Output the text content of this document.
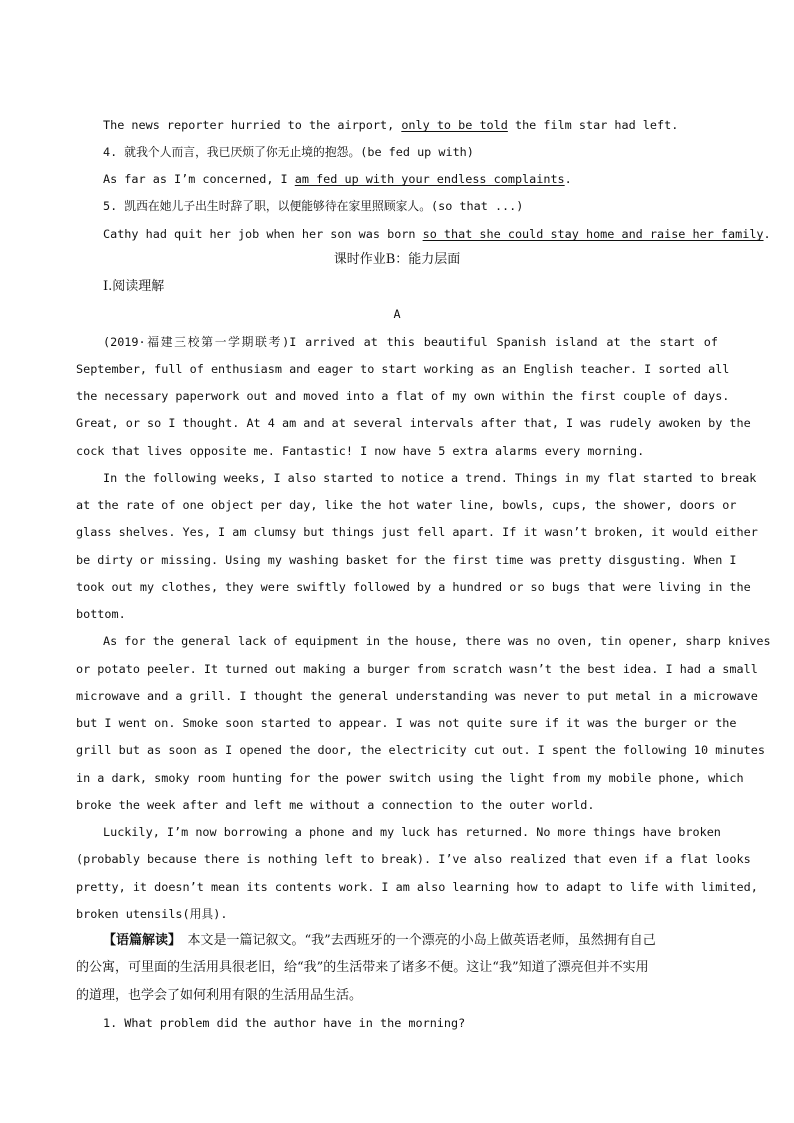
The news reporter hurried to the airport, only to be told the film star had left.
4. 就我个人而言，我已厌烦了你无止境的抱怨。(be fed up with)
As far as I’m concerned, I am fed up with your endless complaints.
5. 凯西在她儿子出生时辞了职，以便能够待在家里照顾家人。(so that ...)
Cathy had quit her job when her son was born so that she could stay home and raise her family.
课时作业B：能力层面
Ⅰ.阅读理解
A
(2019·福建三校第一学期联考)I arrived at this beautiful Spanish island at the start of
September, full of enthusiasm and eager to start working as an English teacher. I sorted all
the necessary paperwork out and moved into a flat of my own within the first couple of days.
Great, or so I thought. At 4 am and at several intervals after that, I was rudely awoken by the
cock that lives opposite me. Fantastic! I now have 5 extra alarms every morning.
In the following weeks, I also started to notice a trend. Things in my flat started to break
at the rate of one object per day, like the hot water line, bowls, cups, the shower, doors or
glass shelves. Yes, I am clumsy but things just fell apart. If it wasn’t broken, it would either
be dirty or missing. Using my washing basket for the first time was pretty disgusting. When I
took out my clothes, they were swiftly followed by a hundred or so bugs that were living in the
bottom.
As for the general lack of equipment in the house, there was no oven, tin opener, sharp knives
or potato peeler. It turned out making a burger from scratch wasn’t the best idea. I had a small
microwave and a grill. I thought the general understanding was never to put metal in a microwave
but I went on. Smoke soon started to appear. I was not quite sure if it was the burger or the
grill but as soon as I opened the door, the electricity cut out. I spent the following 10 minutes
in a dark, smoky room hunting for the power switch using the light from my mobile phone, which
broke the week after and left me without a connection to the outer world.
Luckily, I’m now borrowing a phone and my luck has returned. No more things have broken
(probably because there is nothing left to break). I’ve also realized that even if a flat looks
pretty, it doesn’t mean its contents work. I am also learning how to adapt to life with limited,
broken utensils(用具).
【语篇解读】　本文是一篇记叙文。“我”去西班牙的一个漂亮的小岛上做英语老师，虽然拥有自己
的公寓，可里面的生活用具很老旧，给“我”的生活带来了诸多不便。这让“我”知道了漂亮但并不实用
的道理，也学会了如何利用有限的生活用品生活。
1. What problem did the author have in the morning?
